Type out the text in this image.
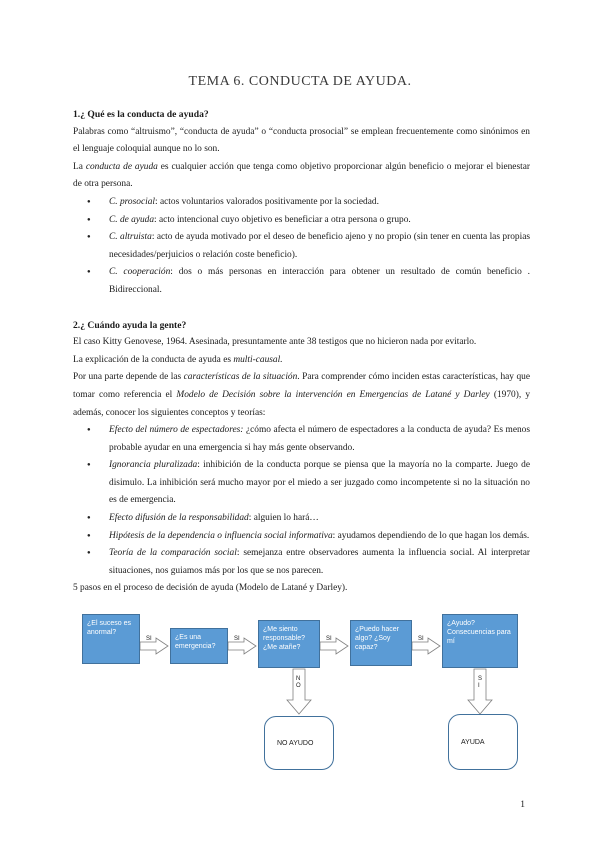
TEMA 6. CONDUCTA DE AYUDA.
1.¿ Qué es la conducta de ayuda?

Palabras como “altruismo”, “conducta de ayuda” o “conducta prosocial” se emplean frecuentemente como sinónimos en el lenguaje coloquial aunque no lo son.

La conducta de ayuda es cualquier acción que tenga como objetivo proporcionar algún beneficio o mejorar el bienestar de otra persona.

● C. prosocial: actos voluntarios valorados positivamente por la sociedad.
● C. de ayuda: acto intencional cuyo objetivo es beneficiar a otra persona o grupo.
● C. altruista: acto de ayuda motivado por el deseo de beneficio ajeno y no propio (sin tener en cuenta las propias necesidades/perjuicios o relación coste beneficio).
● C. cooperación: dos o más personas en interacción para obtener un resultado de común beneficio . Bidireccional.
2.¿ Cuándo ayuda la gente?

El caso Kitty Genovese, 1964. Asesinada, presuntamente ante 38 testigos que no hicieron nada por evitarlo.

La explicación de la conducta de ayuda es multi-causal.

Por una parte depende de las características de la situación. Para comprender cómo inciden estas características, hay que tomar como referencia el Modelo de Decisión sobre la intervención en Emergencias de Latané y Darley (1970), y además, conocer los siguientes conceptos y teorías:

● Efecto del número de espectadores: ¿cómo afecta el número de espectadores a la conducta de ayuda? Es menos probable ayudar en una emergencia si hay más gente observando.
● Ignorancia pluralizada: inhibición de la conducta porque se piensa que la mayoría no la comparte. Juego de disimulo. La inhibición será mucho mayor por el miedo a ser juzgado como incompetente si no la situación no es de emergencia.
● Efecto difusión de la responsabilidad: alguien lo hará…
● Hipótesis de la dependencia o influencia social informativa: ayudamos dependiendo de lo que hagan los demás.
● Teoría de la comparación social: semejanza entre observadores aumenta la influencia social. Al interpretar situaciones, nos guiamos más por los que se nos parecen.

5 pasos en el proceso de decisión de ayuda (Modelo de Latané y Darley).

¿El suceso es anormal?
¿Es una emergencia?
¿Me siento responsable? ¿Me atañe?
¿Puedo hacer algo? ¿Soy capaz?
¿Ayudo? Consecuencias para mí
SI	SI	SI	SI
NO
SI
NO AYUDO	AYUDA
1
